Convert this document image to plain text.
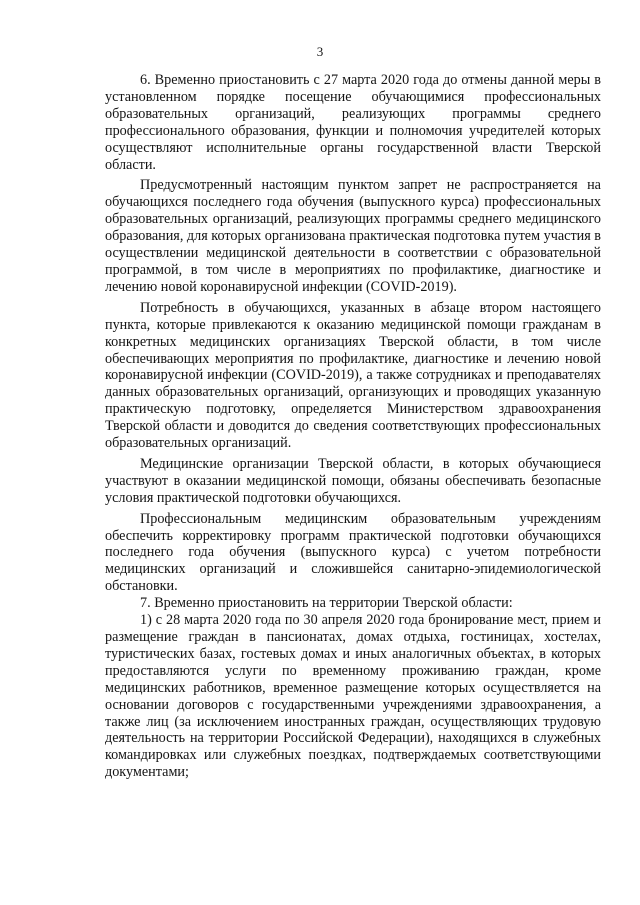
3

6. Временно приостановить с 27 марта 2020 года до отмены данной меры в установленном порядке посещение обучающимися профессиональных образовательных организаций, реализующих программы среднего профессионального образования, функции и полномочия учредителей которых осуществляют исполнительные органы государственной власти Тверской области.

Предусмотренный настоящим пунктом запрет не распространяется на обучающихся последнего года обучения (выпускного курса) профессиональных образовательных организаций, реализующих программы среднего медицинского образования, для которых организована практическая подготовка путем участия в осуществлении медицинской деятельности в соответствии с образовательной программой, в том числе в мероприятиях по профилактике, диагностике и лечению новой коронавирусной инфекции (COVID-2019).

Потребность в обучающихся, указанных в абзаце втором настоящего пункта, которые привлекаются к оказанию медицинской помощи гражданам в конкретных медицинских организациях Тверской области, в том числе обеспечивающих мероприятия по профилактике, диагностике и лечению новой коронавирусной инфекции (COVID-2019), а также сотрудниках и преподавателях данных образовательных организаций, организующих и проводящих указанную практическую подготовку, определяется Министерством здравоохранения Тверской области и доводится до сведения соответствующих профессиональных образовательных организаций.

Медицинские организации Тверской области, в которых обучающиеся участвуют в оказании медицинской помощи, обязаны обеспечивать безопасные условия практической подготовки обучающихся.

Профессиональным медицинским образовательным учреждениям обеспечить корректировку программ практической подготовки обучающихся последнего года обучения (выпускного курса) с учетом потребности медицинских организаций и сложившейся санитарно-эпидемиологической обстановки.

7. Временно приостановить на территории Тверской области:

1) с 28 марта 2020 года по 30 апреля 2020 года бронирование мест, прием и размещение граждан в пансионатах, домах отдыха, гостиницах, хостелах, туристических базах, гостевых домах и иных аналогичных объектах, в которых предоставляются услуги по временному проживанию граждан, кроме медицинских работников, временное размещение которых осуществляется на основании договоров с государственными учреждениями здравоохранения, а также лиц (за исключением иностранных граждан, осуществляющих трудовую деятельность на территории Российской Федерации), находящихся в служебных командировках или служебных поездках, подтверждаемых соответствующими документами;
